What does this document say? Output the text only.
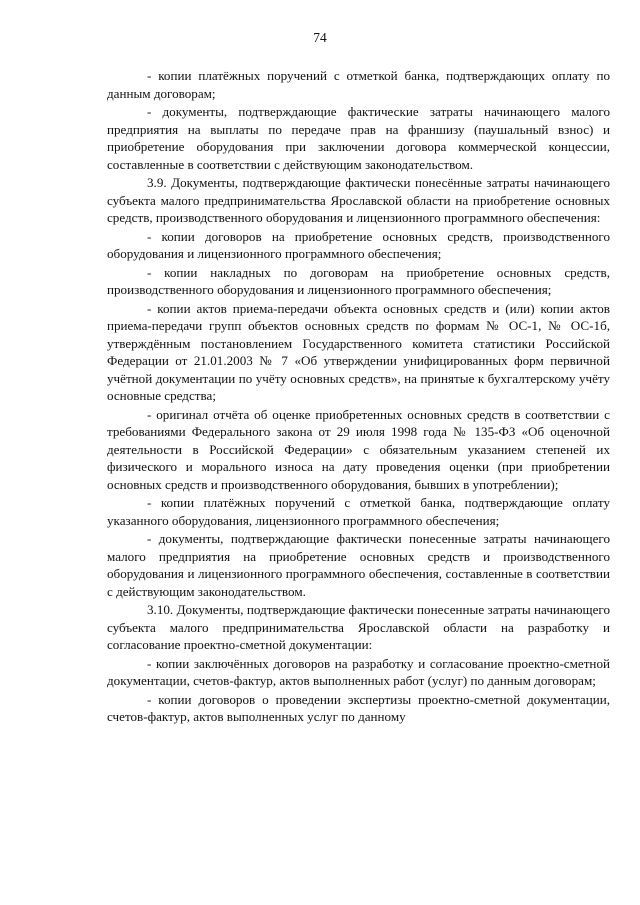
74

- копии платёжных поручений с отметкой банка, подтверждающих оплату по данным договорам;

- документы, подтверждающие фактические затраты начинающего малого предприятия на выплаты по передаче прав на франшизу (паушальный взнос) и приобретение оборудования при заключении договора коммерческой концессии, составленные в соответствии с действующим законодательством.

3.9. Документы, подтверждающие фактически понесённые затраты начинающего субъекта малого предпринимательства Ярославской области на приобретение основных средств, производственного оборудования и лицензионного программного обеспечения:

- копии договоров на приобретение основных средств, производственного оборудования и лицензионного программного обеспечения;

- копии накладных по договорам на приобретение основных средств, производственного оборудования и лицензионного программного обеспечения;

- копии актов приема-передачи объекта основных средств и (или) копии актов приема-передачи групп объектов основных средств по формам № ОС-1, № ОС-1б, утверждённым постановлением Государственного комитета статистики Российской Федерации от 21.01.2003 № 7 «Об утверждении унифицированных форм первичной учётной документации по учёту основных средств», на принятые к бухгалтерскому учёту основные средства;

- оригинал отчёта об оценке приобретенных основных средств в соответствии с требованиями Федерального закона от 29 июля 1998 года № 135-ФЗ «Об оценочной деятельности в Российской Федерации» с обязательным указанием степеней их физического и морального износа на дату проведения оценки (при приобретении основных средств и производственного оборудования, бывших в употреблении);

- копии платёжных поручений с отметкой банка, подтверждающие оплату указанного оборудования, лицензионного программного обеспечения;

- документы, подтверждающие фактически понесенные затраты начинающего малого предприятия на приобретение основных средств и производственного оборудования и лицензионного программного обеспечения, составленные в соответствии с действующим законодательством.

3.10. Документы, подтверждающие фактически понесенные затраты начинающего субъекта малого предпринимательства Ярославской области на разработку и согласование проектно-сметной документации:

- копии заключённых договоров на разработку и согласование проектно-сметной документации, счетов-фактур, актов выполненных работ (услуг) по данным договорам;

- копии договоров о проведении экспертизы проектно-сметной документации, счетов-фактур, актов выполненных услуг по данному
